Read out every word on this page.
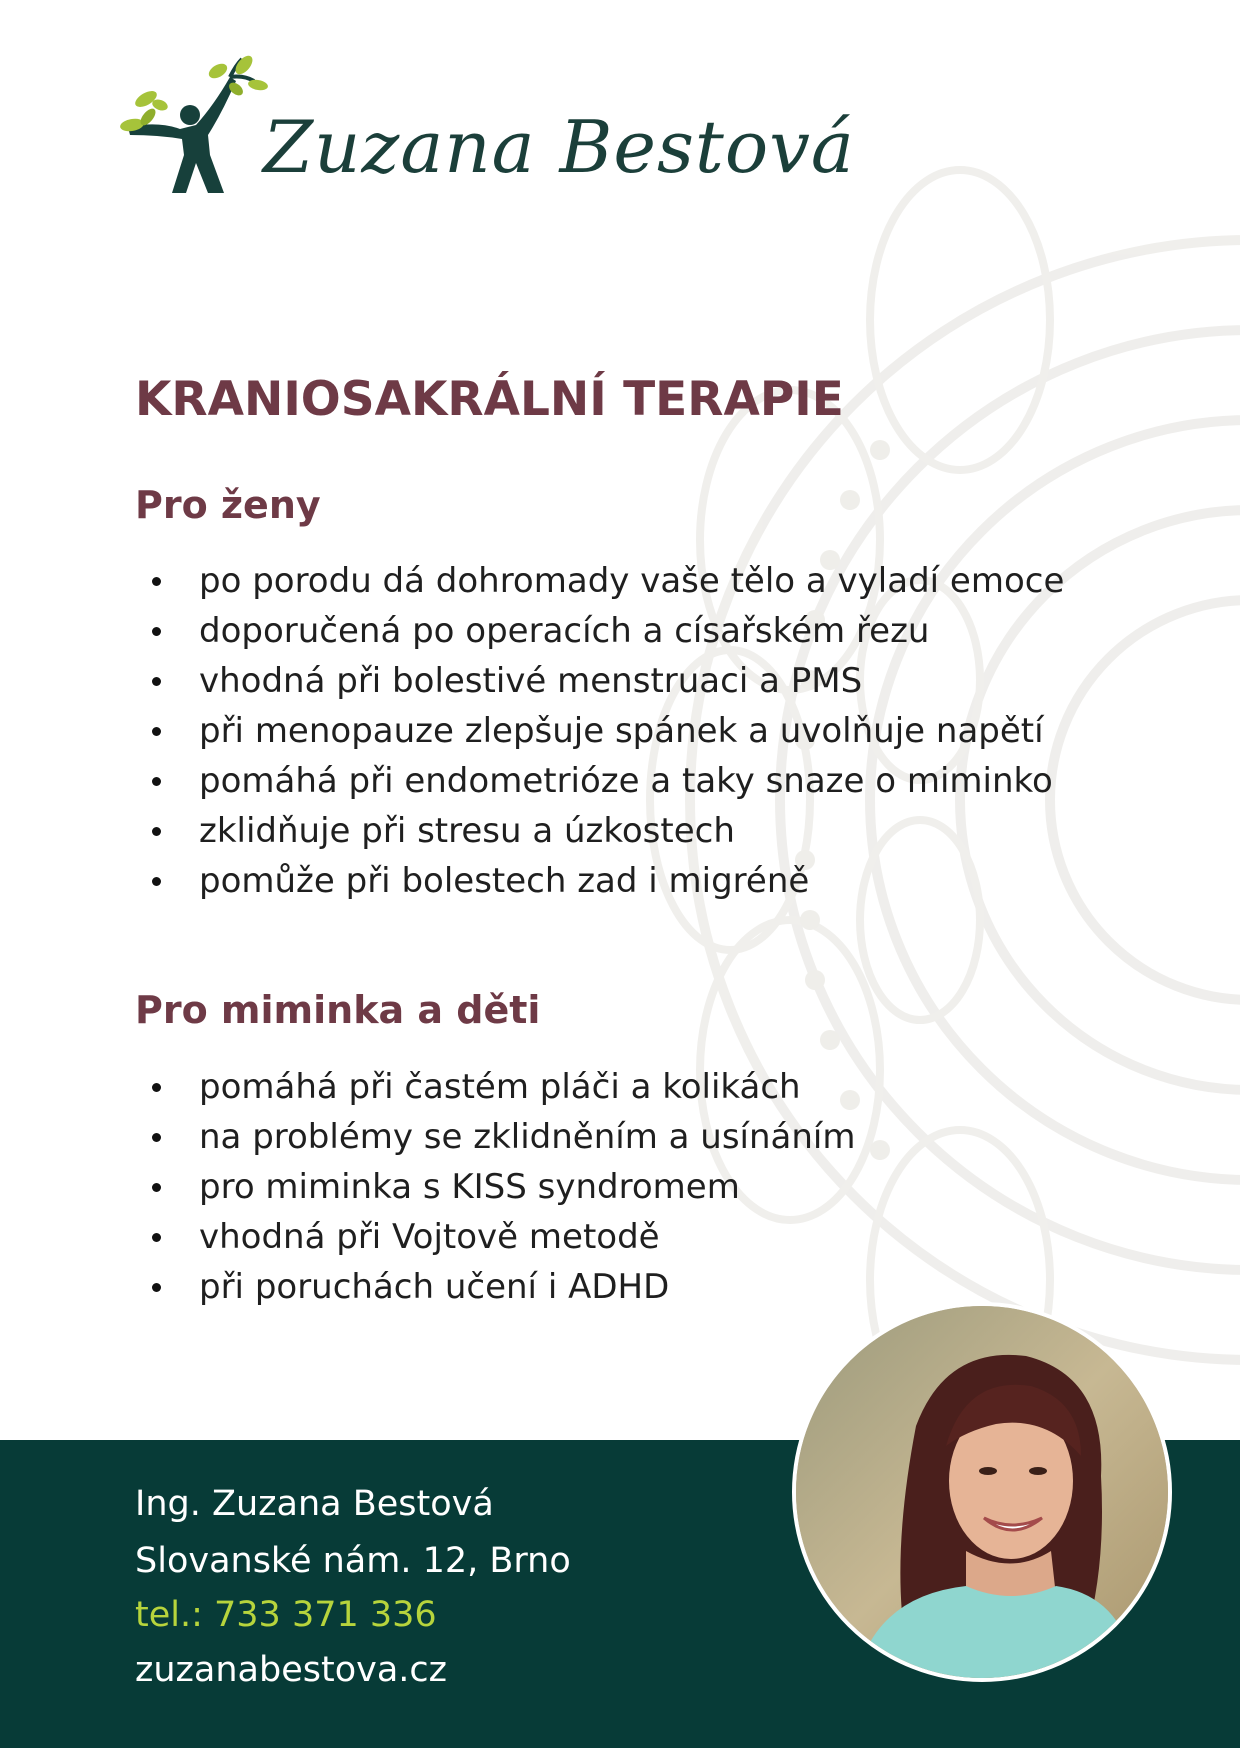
Zuzana Bestová
KRANIOSAKRÁLNÍ TERAPIE
Pro ženy
po porodu dá dohromady vaše tělo a vyladí emoce
doporučená po operacích a císařském řezu
vhodná při bolestivé menstruaci a PMS
při menopauze zlepšuje spánek a uvolňuje napětí
pomáhá při endometrióze a taky snaze o miminko
zklidňuje při stresu a úzkostech
pomůže při bolestech zad i migréně
Pro miminka a děti
pomáhá při častém pláči a kolikách
na problémy se zklidněním a usínáním
pro miminka s KISS syndromem
vhodná při Vojtově metodě
při poruchách učení i ADHD
Ing. Zuzana Bestová
Slovanské nám. 12, Brno
tel.: 733 371 336
zuzanabestova.cz
